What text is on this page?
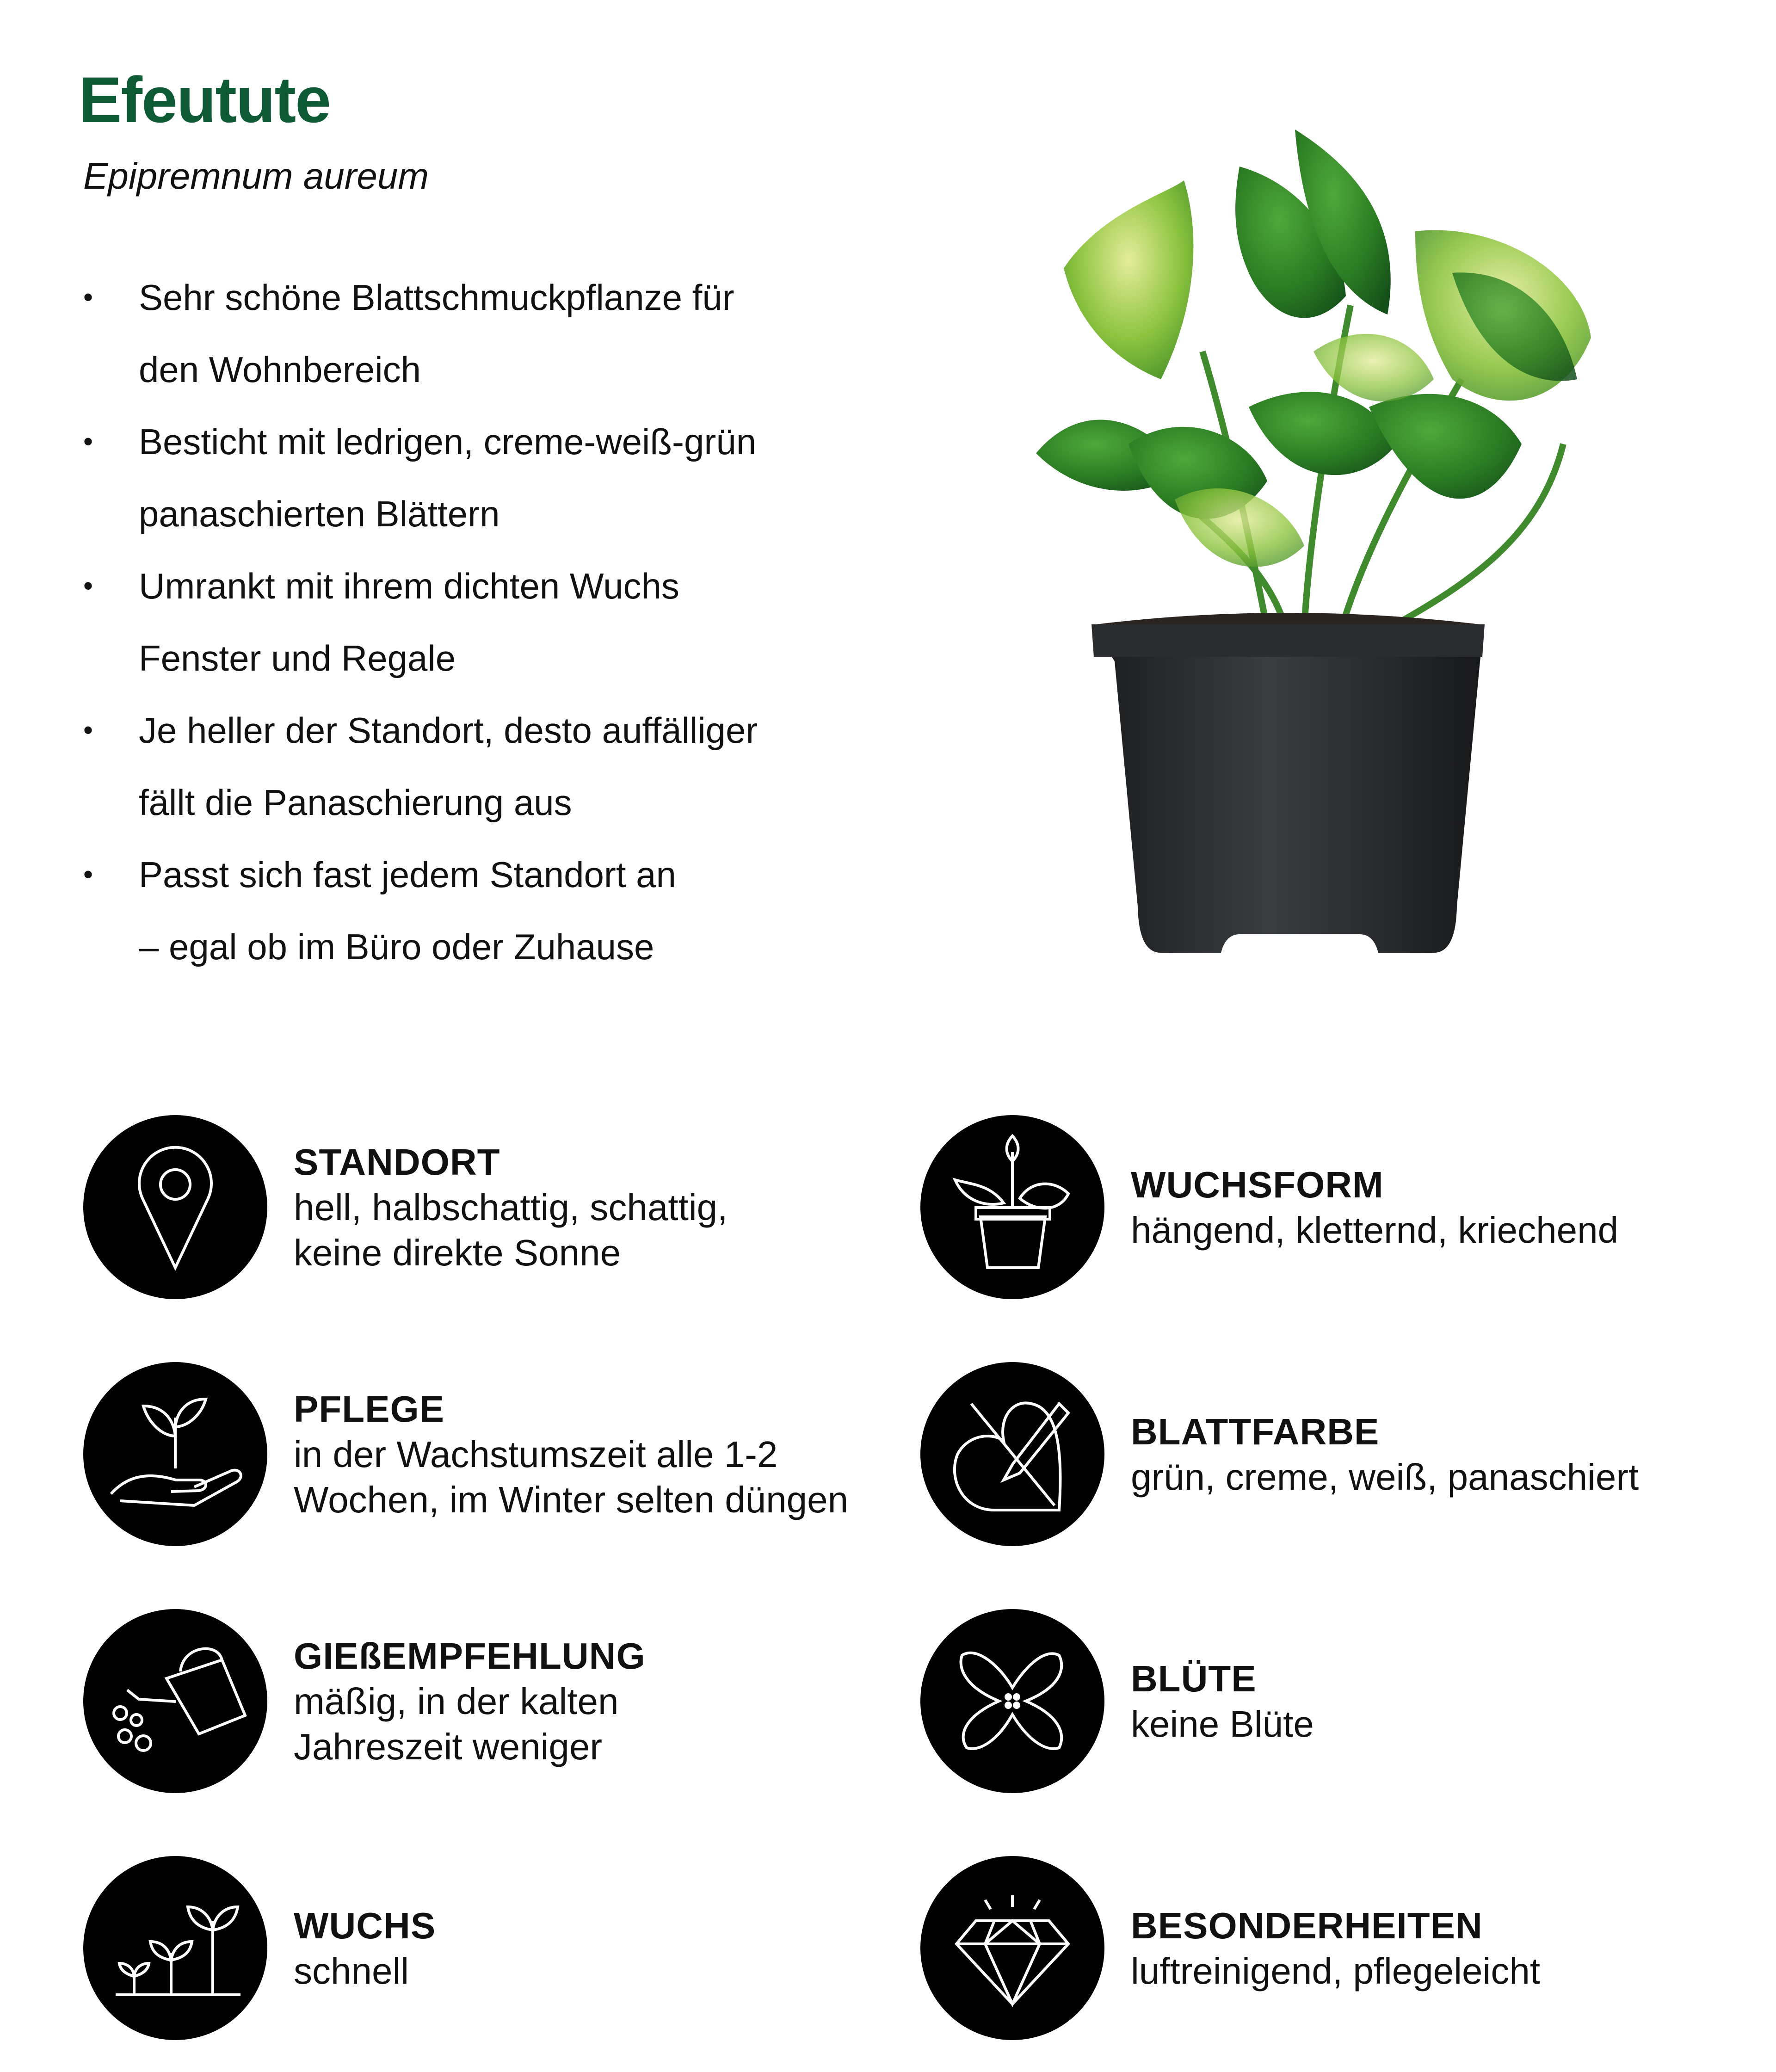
Efeutute
Epipremnum aureum
• Sehr schöne Blattschmuckpflanze für
den Wohnbereich
• Besticht mit ledrigen, creme-weiß-grün
panaschierten Blättern
• Umrankt mit ihrem dichten Wuchs
Fenster und Regale
• Je heller der Standort, desto auffälliger
fällt die Panaschierung aus
• Passt sich fast jedem Standort an
– egal ob im Büro oder Zuhause
STANDORT
hell, halbschattig, schattig,
keine direkte Sonne
WUCHSFORM
hängend, kletternd, kriechend
PFLEGE
in der Wachstumszeit alle 1-2
Wochen, im Winter selten düngen
BLATTFARBE
grün, creme, weiß, panaschiert
GIEßEMPFEHLUNG
mäßig, in der kalten
Jahreszeit weniger
BLÜTE
keine Blüte
WUCHS
schnell
BESONDERHEITEN
luftreinigend, pflegeleicht
